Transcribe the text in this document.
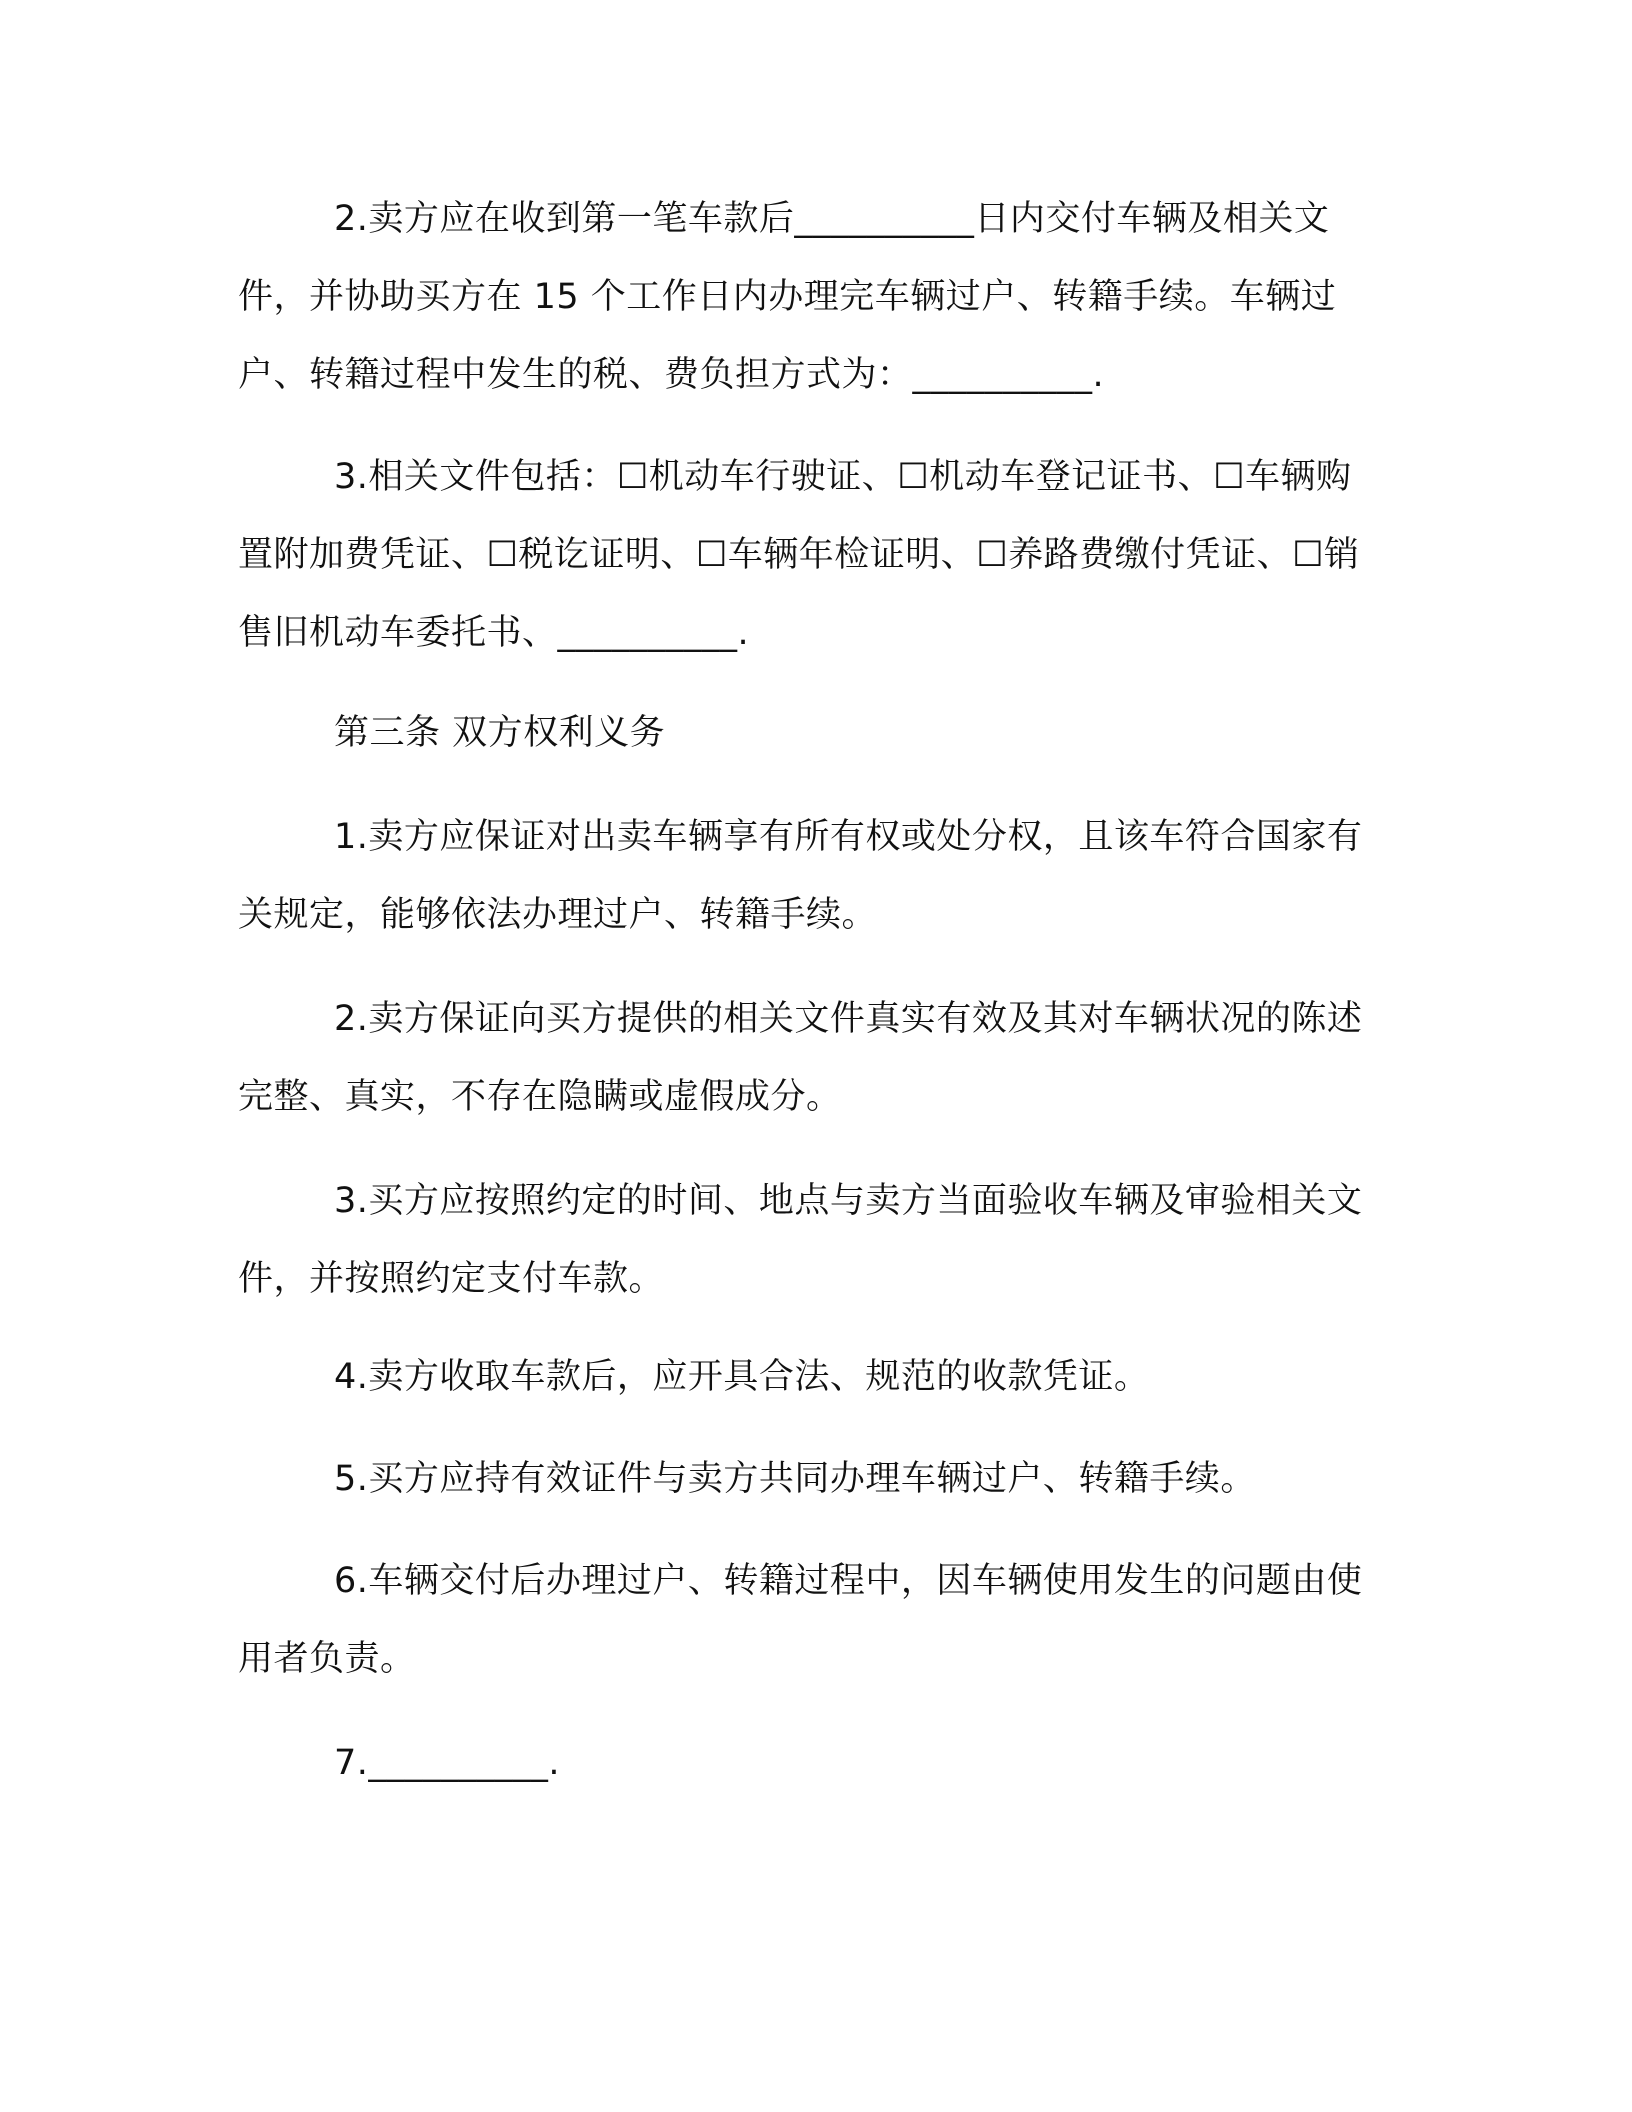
2.卖方应在收到第一笔车款后__________日内交付车辆及相关文件，并协助买方在 15 个工作日内办理完车辆过户、转籍手续。车辆过户、转籍过程中发生的税、费负担方式为：__________.

3.相关文件包括：☐机动车行驶证、☐机动车登记证书、☐车辆购置附加费凭证、☐税讫证明、☐车辆年检证明、☐养路费缴付凭证、☐销售旧机动车委托书、__________.

第三条 双方权利义务

1.卖方应保证对出卖车辆享有所有权或处分权，且该车符合国家有关规定，能够依法办理过户、转籍手续。

2.卖方保证向买方提供的相关文件真实有效及其对车辆状况的陈述完整、真实，不存在隐瞒或虚假成分。

3.买方应按照约定的时间、地点与卖方当面验收车辆及审验相关文件，并按照约定支付车款。

4.卖方收取车款后，应开具合法、规范的收款凭证。

5.买方应持有效证件与卖方共同办理车辆过户、转籍手续。

6.车辆交付后办理过户、转籍过程中，因车辆使用发生的问题由使用者负责。

7.__________.
